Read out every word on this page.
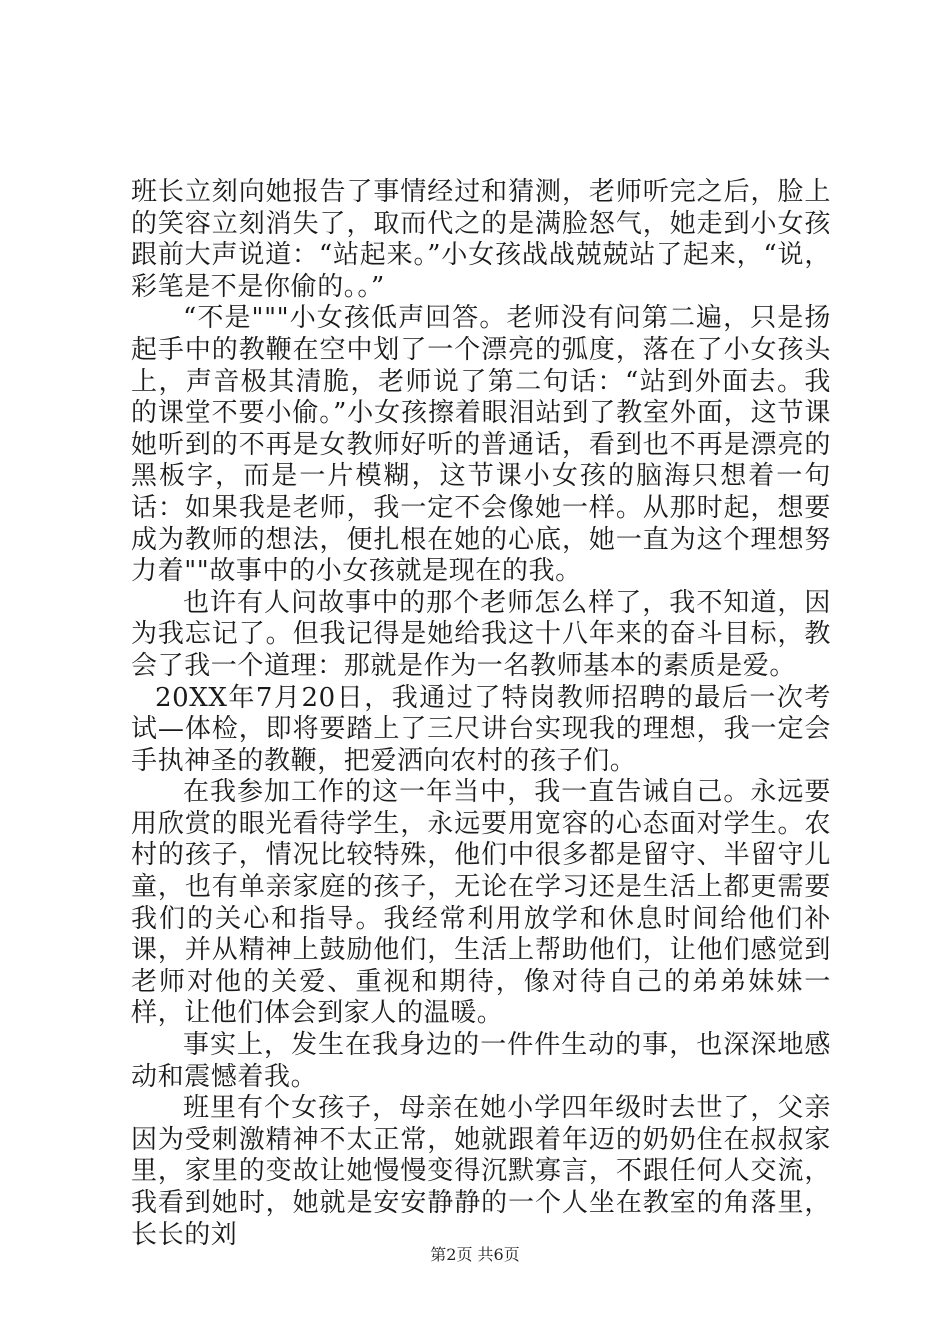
班长立刻向她报告了事情经过和猜测，老师听完之后，脸上的笑容立刻消失了，取而代之的是满脸怒气，她走到小女孩跟前大声说道：“站起来。”小女孩战战兢兢站了起来，“说，彩笔是不是你偷的。。”

“不是"""小女孩低声回答。老师没有问第二遍，只是扬起手中的教鞭在空中划了一个漂亮的弧度，落在了小女孩头上，声音极其清脆，老师说了第二句话：“站到外面去。我的课堂不要小偷。”小女孩擦着眼泪站到了教室外面，这节课她听到的不再是女教师好听的普通话，看到也不再是漂亮的黑板字，而是一片模糊，这节课小女孩的脑海只想着一句话：如果我是老师，我一定不会像她一样。从那时起，想要成为教师的想法，便扎根在她的心底，她一直为这个理想努力着""故事中的小女孩就是现在的我。

也许有人问故事中的那个老师怎么样了，我不知道，因为我忘记了。但我记得是她给我这十八年来的奋斗目标，教会了我一个道理：那就是作为一名教师基本的素质是爱。

20XX年7月20日，我通过了特岗教师招聘的最后一次考试—体检，即将要踏上了三尺讲台实现我的理想，我一定会手执神圣的教鞭，把爱洒向农村的孩子们。

在我参加工作的这一年当中，我一直告诫自己。永远要用欣赏的眼光看待学生，永远要用宽容的心态面对学生。农村的孩子，情况比较特殊，他们中很多都是留守、半留守儿童，也有单亲家庭的孩子，无论在学习还是生活上都更需要我们的关心和指导。我经常利用放学和休息时间给他们补课，并从精神上鼓励他们，生活上帮助他们，让他们感觉到老师对他的关爱、重视和期待，像对待自己的弟弟妹妹一样，让他们体会到家人的温暖。

事实上，发生在我身边的一件件生动的事，也深深地感动和震憾着我。

班里有个女孩子，母亲在她小学四年级时去世了，父亲因为受刺激精神不太正常，她就跟着年迈的奶奶住在叔叔家里，家里的变故让她慢慢变得沉默寡言，不跟任何人交流，我看到她时，她就是安安静静的一个人坐在教室的角落里，长长的刘

第2页 共6页
